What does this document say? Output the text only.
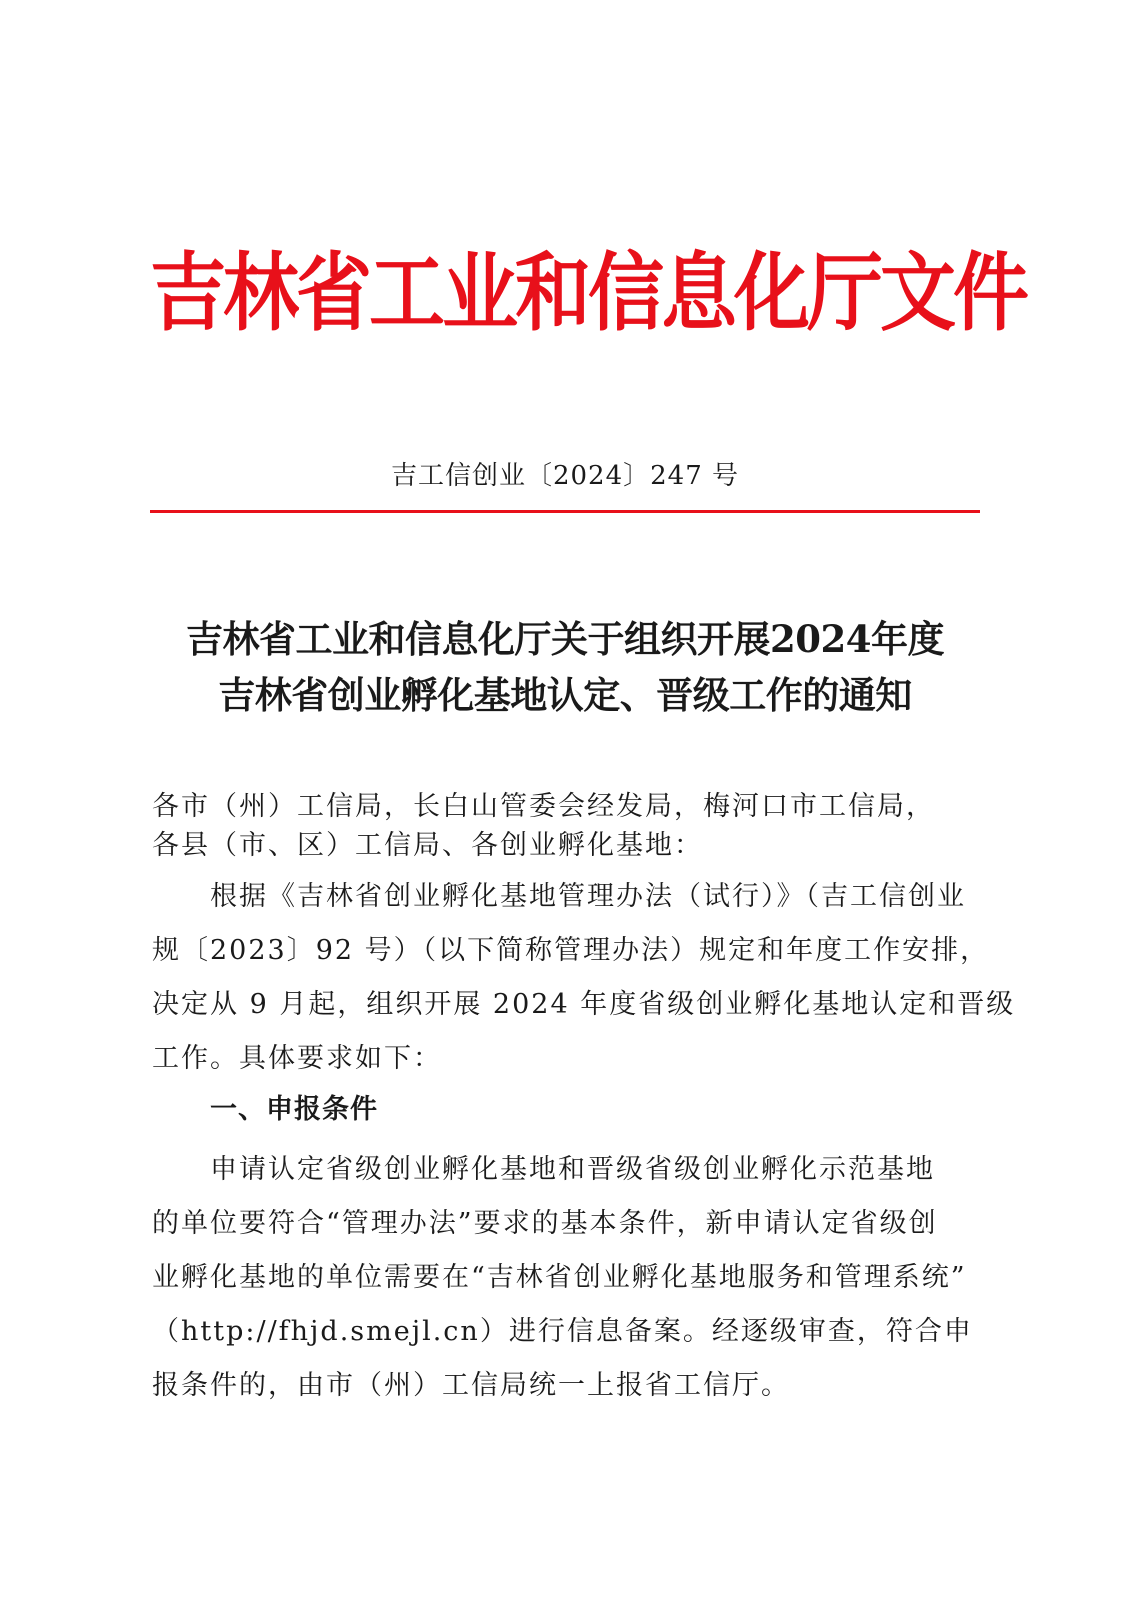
吉林省工业和信息化厅文件
吉工信创业〔2024〕247 号
吉林省工业和信息化厅关于组织开展2024年度
吉林省创业孵化基地认定、晋级工作的通知
各市（州）工信局，长白山管委会经发局，梅河口市工信局，
各县（市、区）工信局、各创业孵化基地：
根据《吉林省创业孵化基地管理办法（试行）》（吉工信创业
规〔2023〕92 号）（以下简称管理办法）规定和年度工作安排，
决定从 9 月起，组织开展 2024 年度省级创业孵化基地认定和晋级
工作。具体要求如下：
一、申报条件
申请认定省级创业孵化基地和晋级省级创业孵化示范基地
的单位要符合“管理办法”要求的基本条件，新申请认定省级创
业孵化基地的单位需要在“吉林省创业孵化基地服务和管理系统”
（http://fhjd.smejl.cn）进行信息备案。经逐级审查，符合申
报条件的，由市（州）工信局统一上报省工信厅。
